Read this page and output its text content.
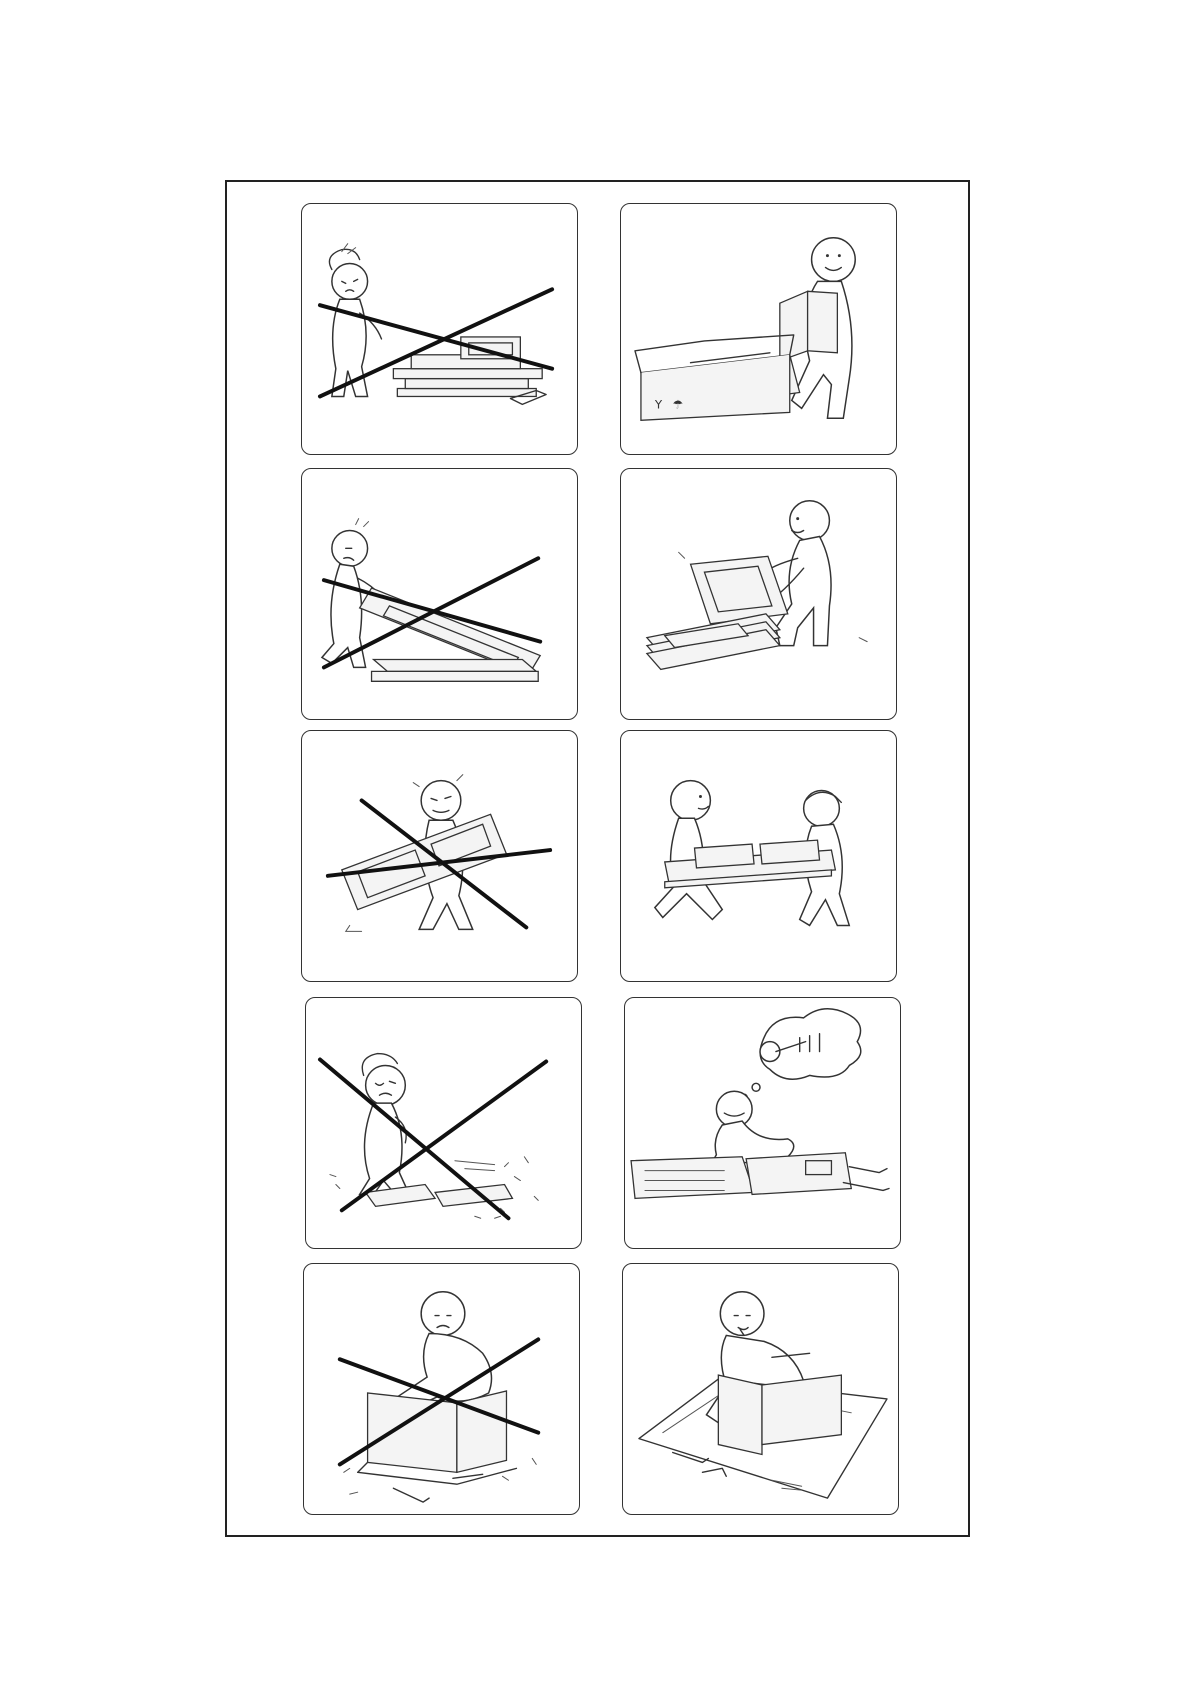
Y ☂
